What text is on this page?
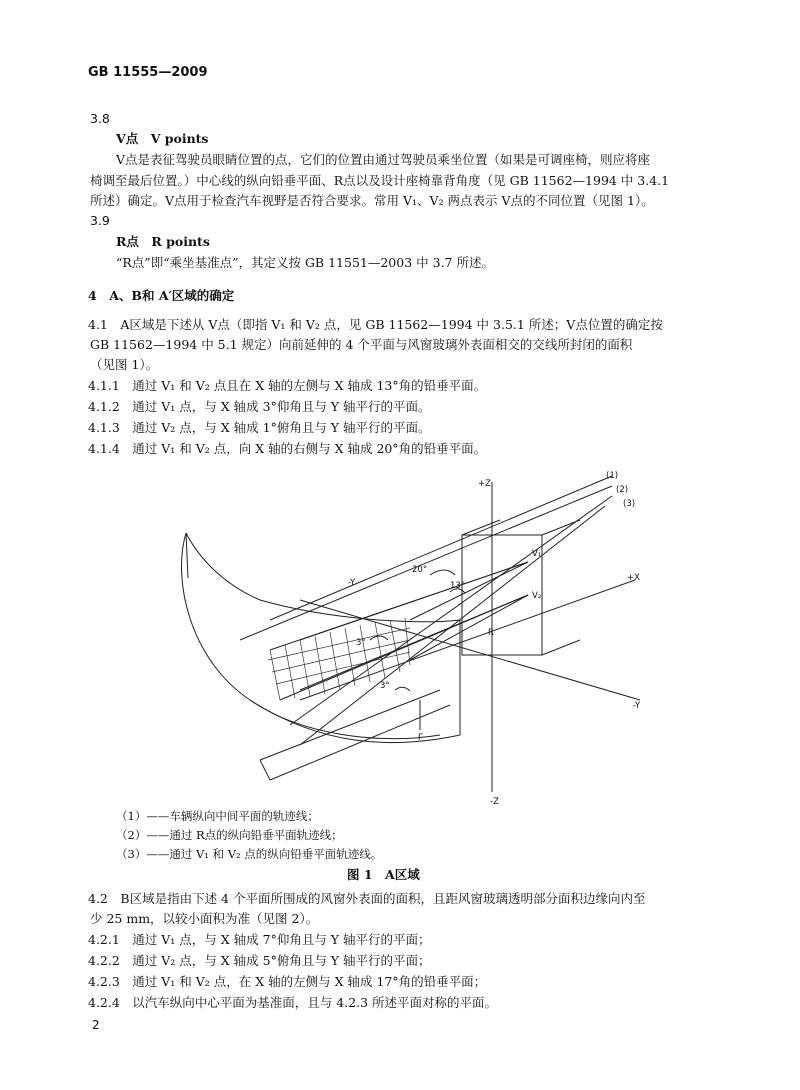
GB 11555—2009
3.8
V点　V points
V点是表征驾驶员眼睛位置的点，它们的位置由通过驾驶员乘坐位置（如果是可调座椅，则应将座
椅调至最后位置。）中心线的纵向铅垂平面、R点以及设计座椅靠背角度（见 GB 11562—1994 中 3.4.1
所述）确定。V点用于检查汽车视野是否符合要求。常用 V₁、V₂ 两点表示 V点的不同位置（见图 1）。
3.9
R点　R points
“R点”即“乘坐基准点”，其定义按 GB 11551—2003 中 3.7 所述。
4　A、B和 A′区域的确定
4.1　A区域是下述从 V点（即指 V₁ 和 V₂ 点，见 GB 11562—1994 中 3.5.1 所述；V点位置的确定按
GB 11562—1994 中 5.1 规定）向前延伸的 4 个平面与风窗玻璃外表面相交的交线所封闭的面积
（见图 1）。
4.1.1　通过 V₁ 和 V₂ 点且在 X 轴的左侧与 X 轴成 13°角的铅垂平面。
4.1.2　通过 V₁ 点，与 X 轴成 3°仰角且与 Y 轴平行的平面。
4.1.3　通过 V₂ 点，与 X 轴成 1°俯角且与 Y 轴平行的平面。
4.1.4　通过 V₁ 和 V₂ 点，向 X 轴的右侧与 X 轴成 20°角的铅垂平面。
+Z
-Z
+X
-Y
-Y
V₁
V₂
R
Γ
20°
13°
3°
3°
(1)
(2)
(3)
（1）——车辆纵向中间平面的轨迹线；
（2）——通过 R点的纵向铅垂平面轨迹线；
（3）——通过 V₁ 和 V₂ 点的纵向铅垂平面轨迹线。
图 1　A区域
4.2　B区域是指由下述 4 个平面所围成的风窗外表面的面积，且距风窗玻璃透明部分面积边缘向内至
少 25 mm，以较小面积为准（见图 2）。
4.2.1　通过 V₁ 点，与 X 轴成 7°仰角且与 Y 轴平行的平面；
4.2.2　通过 V₂ 点，与 X 轴成 5°俯角且与 Y 轴平行的平面；
4.2.3　通过 V₁ 和 V₂ 点，在 X 轴的左侧与 X 轴成 17°角的铅垂平面；
4.2.4　以汽车纵向中心平面为基准面，且与 4.2.3 所述平面对称的平面。
2
